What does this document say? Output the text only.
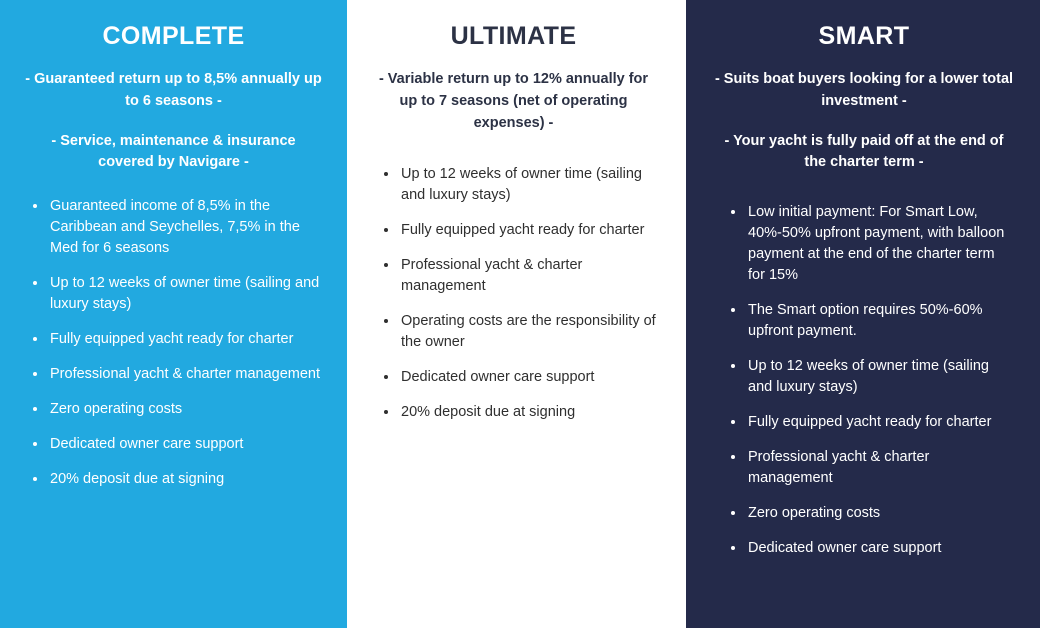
COMPLETE

- Guaranteed return up to 8,5% annually up to 6 seasons -

- Service, maintenance & insurance covered by Navigare -

Guaranteed income of 8,5% in the Caribbean and Seychelles, 7,5% in the Med for 6 seasons
Up to 12 weeks of owner time (sailing and luxury stays)
Fully equipped yacht ready for charter
Professional yacht & charter management
Zero operating costs
Dedicated owner care support
20% deposit due at signing
ULTIMATE

- Variable return up to 12% annually for up to 7 seasons (net of operating expenses) -

Up to 12 weeks of owner time (sailing and luxury stays)
Fully equipped yacht ready for charter
Professional yacht & charter management
Operating costs are the responsibility of the owner
Dedicated owner care support
20% deposit due at signing
SMART

- Suits boat buyers looking for a lower total investment -

- Your yacht is fully paid off at the end of the charter term -

Low initial payment: For Smart Low, 40%-50% upfront payment, with balloon payment at the end of the charter term for 15%
The Smart option requires 50%-60% upfront payment.
Up to 12 weeks of owner time (sailing and luxury stays)
Fully equipped yacht ready for charter
Professional yacht & charter management
Zero operating costs
Dedicated owner care support
